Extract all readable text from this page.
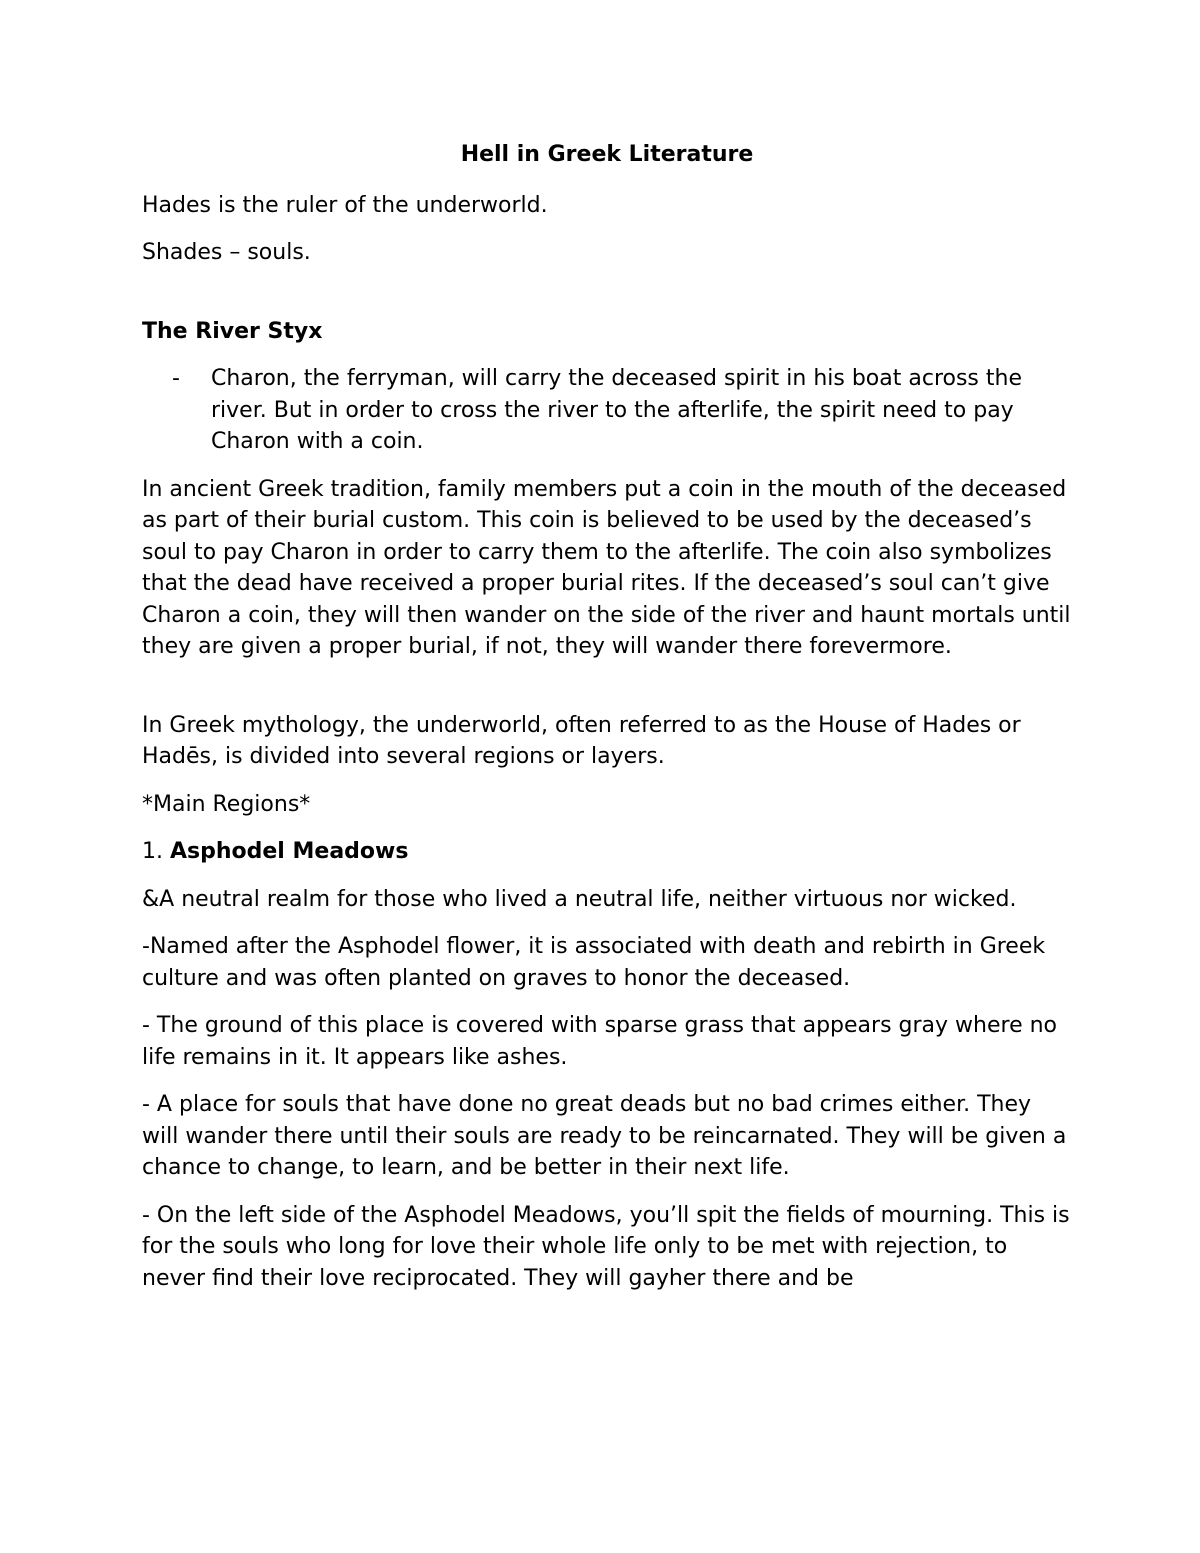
Hell in Greek Literature

Hades is the ruler of the underworld.

Shades – souls.

The River Styx
-	Charon, the ferryman, will carry the deceased spirit in his boat across the river. But in order to cross the river to the afterlife, the spirit need to pay Charon with a coin.

In ancient Greek tradition, family members put a coin in the mouth of the deceased as part of their burial custom. This coin is believed to be used by the deceased’s soul to pay Charon in order to carry them to the afterlife. The coin also symbolizes that the dead have received a proper burial rites. If the deceased’s soul can’t give Charon a coin, they will then wander on the side of the river and haunt mortals until they are given a proper burial, if not, they will wander there forevermore.

In Greek mythology, the underworld, often referred to as the House of Hades or Hadēs, is divided into several regions or layers.

*Main Regions*

1. Asphodel Meadows

&A neutral realm for those who lived a neutral life, neither virtuous nor wicked.

-Named after the Asphodel flower, it is associated with death and rebirth in Greek culture and was often planted on graves to honor the deceased.

- The ground of this place is covered with sparse grass that appears gray where no life remains in it. It appears like ashes.

- A place for souls that have done no great deads but no bad crimes either. They will wander there until their souls are ready to be reincarnated. They will be given a chance to change, to learn, and be better in their next life.

- On the left side of the Asphodel Meadows, you’ll spit the fields of mourning. This is for the souls who long for love their whole life only to be met with rejection, to never find their love reciprocated. They will gayher there and be
